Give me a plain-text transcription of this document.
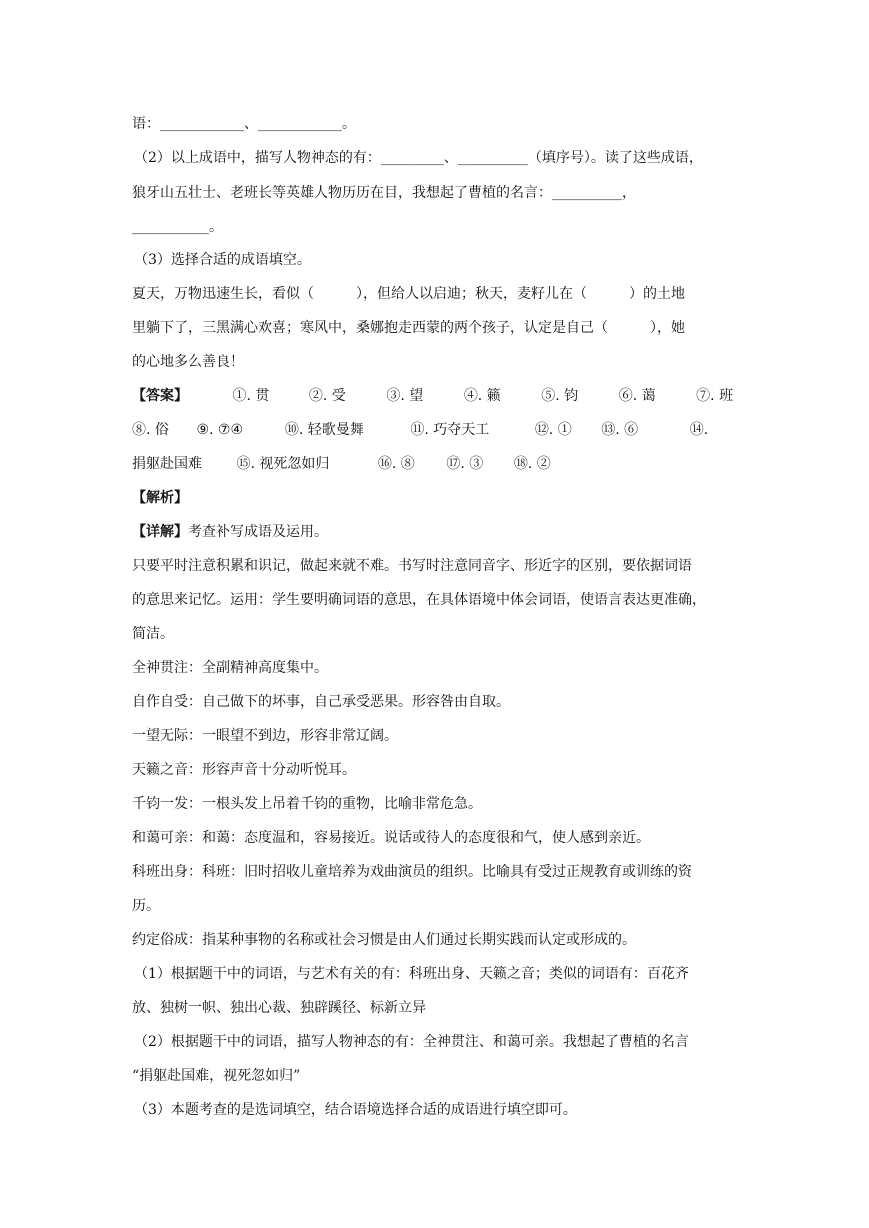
语：____________、____________。
（2）以上成语中，描写人物神态的有：_________、__________（填序号）。读了这些成语，
狼牙山五壮士、老班长等英雄人物历历在目，我想起了曹植的名言：__________，
___________。
（3）选择合适的成语填空。
夏天，万物迅速生长，看似（　　　），但给人以启迪；秋天，麦籽儿在（　　　）的土地
里躺下了，三黑满心欢喜；寒风中，桑娜抱走西蒙的两个孩子，认定是自己（　　　），她
的心地多么善良！
【答案】	①. 贯	②. 受	③. 望	④. 籁	⑤. 钧	⑥. 蔼	⑦. 班
⑧. 俗 ⑨. ⑦④	⑩. 轻歌曼舞	⑪. 巧夺天工	⑫. ① ⑬. ⑥	⑭.
捐躯赴国难 ⑮. 视死忽如归	⑯. ⑧ ⑰. ③ ⑱. ②
【解析】
【详解】考查补写成语及运用。
只要平时注意积累和识记，做起来就不难。书写时注意同音字、形近字的区别，要依据词语
的意思来记忆。运用：学生要明确词语的意思，在具体语境中体会词语，使语言表达更准确，
简洁。
全神贯注：全副精神高度集中。
自作自受：自己做下的坏事，自己承受恶果。形容咎由自取。
一望无际：一眼望不到边，形容非常辽阔。
天籁之音：形容声音十分动听悦耳。
千钧一发：一根头发上吊着千钧的重物，比喻非常危急。
和蔼可亲：和蔼：态度温和，容易接近。说话或待人的态度很和气，使人感到亲近。
科班出身：科班：旧时招收儿童培养为戏曲演员的组织。比喻具有受过正规教育或训练的资
历。
约定俗成：指某种事物的名称或社会习惯是由人们通过长期实践而认定或形成的。
（1）根据题干中的词语，与艺术有关的有：科班出身、天籁之音；类似的词语有：百花齐
放、独树一帜、独出心裁、独辟蹊径、标新立异
（2）根据题干中的词语，描写人物神态的有：全神贯注、和蔼可亲。我想起了曹植的名言
“捐躯赴国难，视死忽如归”
（3）本题考查的是选词填空，结合语境选择合适的成语进行填空即可。
